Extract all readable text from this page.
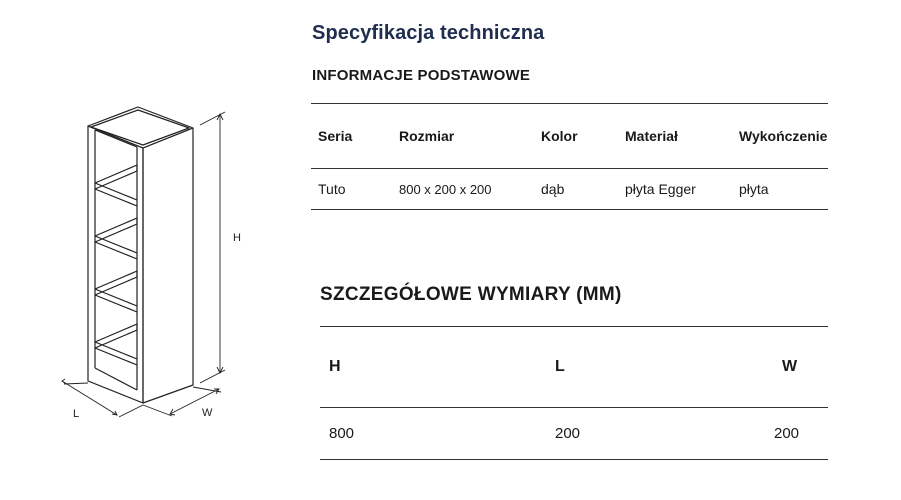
H
L	W
Specyfikacja techniczna
INFORMACJE PODSTAWOWE
Seria	Rozmiar	Kolor	Materiał	Wykończenie
Tuto	800 x 200 x 200	dąb	płyta Egger	płyta
SZCZEGÓŁOWE WYMIARY (MM)
H	L	W
800	200	200
